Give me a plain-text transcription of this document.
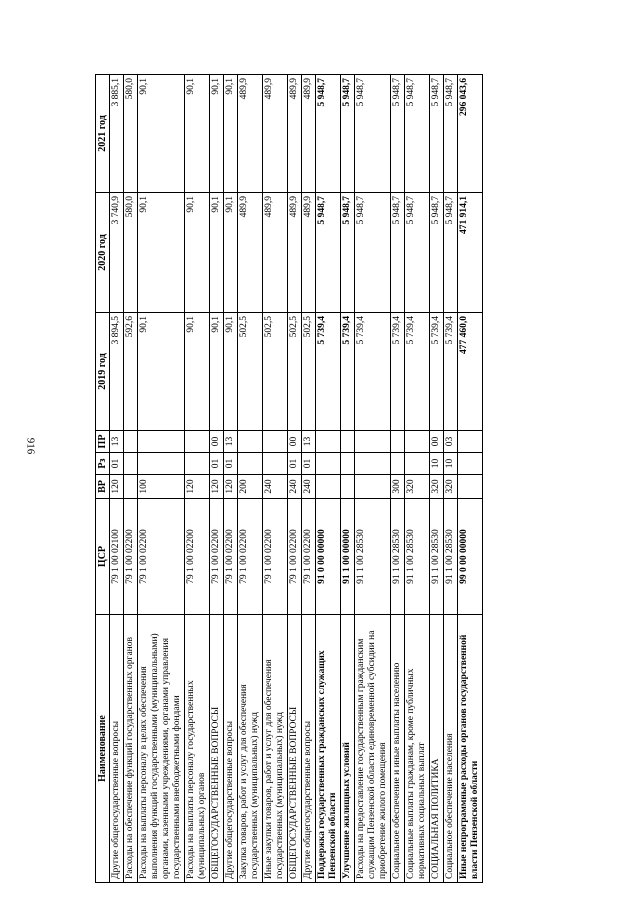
916
Наименование	ЦСР	ВР	Рз	ПР	2019 год	2020 год	2021 год
Другие общегосударственные вопросы	79 1 00 02100	120	01	13	3 894,5	3 740,9	3 885,1
Расходы на обеспечение функций государственных органов	79 1 00 02200				592,6	580,0	580,0
Расходы на выплаты персоналу в целях обеспечения выполнения функций государственными (муниципальными) органами, казенными учреждениями, органами управления государственными внебюджетными фондами	79 1 00 02200	100			90,1	90,1	90,1
Расходы на выплаты персоналу государственных (муниципальных) органов	79 1 00 02200	120			90,1	90,1	90,1
ОБЩЕГОСУДАРСТВЕННЫЕ ВОПРОСЫ	79 1 00 02200	120	01	00	90,1	90,1	90,1
Другие общегосударственные вопросы	79 1 00 02200	120	01	13	90,1	90,1	90,1
Закупка товаров, работ и услуг для обеспечения государственных (муниципальных) нужд	79 1 00 02200	200			502,5	489,9	489,9
Иные закупки товаров, работ и услуг для обеспечения государственных (муниципальных) нужд	79 1 00 02200	240			502,5	489,9	489,9
ОБЩЕГОСУДАРСТВЕННЫЕ ВОПРОСЫ	79 1 00 02200	240	01	00	502,5	489,9	489,9
Другие общегосударственные вопросы	79 1 00 02200	240	01	13	502,5	489,9	489,9
Поддержка государственных гражданских служащих Пензенской области	91 0 00 00000				5 739,4	5 948,7	5 948,7
Улучшение жилищных условий	91 1 00 00000				5 739,4	5 948,7	5 948,7
Расходы на предоставление государственным гражданским служащим Пензенской области единовременной субсидии на приобретение жилого помещения	91 1 00 28530				5 739,4	5 948,7	5 948,7
Социальное обеспечение и иные выплаты населению	91 1 00 28530	300			5 739,4	5 948,7	5 948,7
Социальные выплаты гражданам, кроме публичных нормативных социальных выплат	91 1 00 28530	320			5 739,4	5 948,7	5 948,7
СОЦИАЛЬНАЯ ПОЛИТИКА	91 1 00 28530	320	10	00	5 739,4	5 948,7	5 948,7
Социальное обеспечение населения	91 1 00 28530	320	10	03	5 739,4	5 948,7	5 948,7
Иные непрограммные расходы органов государственной власти Пензенской области	99 0 00 00000				477 460,0	471 914,1	296 043,6
